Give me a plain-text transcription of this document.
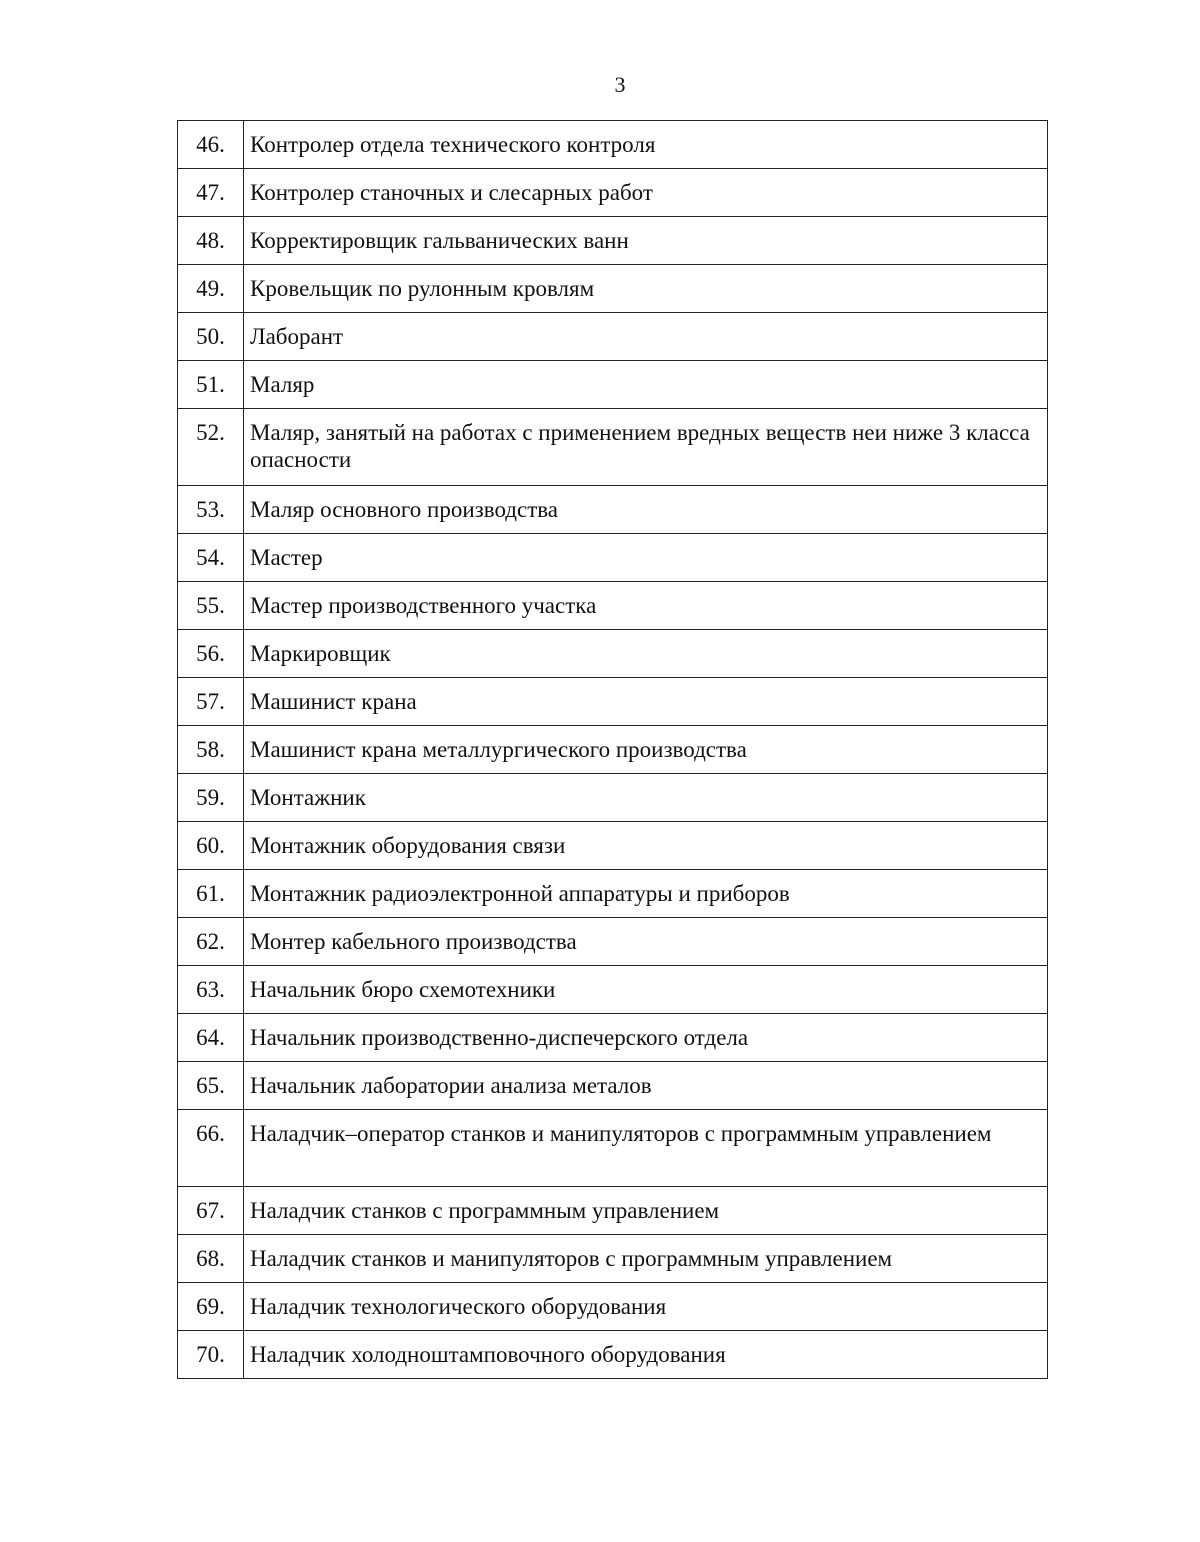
3
46.	Контролер отдела технического контроля
47.	Контролер станочных и слесарных работ
48.	Корректировщик гальванических ванн
49.	Кровельщик по рулонным кровлям
50.	Лаборант
51.	Маляр
52.	Маляр, занятый на работах с применением вредных веществ неи ниже 3 класса опасности
53.	Маляр основного производства
54.	Мастер
55.	Мастер производственного участка
56.	Маркировщик
57.	Машинист крана
58.	Машинист крана металлургического производства
59.	Монтажник
60.	Монтажник оборудования связи
61.	Монтажник радиоэлектронной аппаратуры и приборов
62.	Монтер кабельного производства
63.	Начальник бюро схемотехники
64.	Начальник производственно-диспечерского отдела
65.	Начальник лаборатории анализа металов
66.	Наладчик–оператор станков и манипуляторов с программным управлением
67.	Наладчик станков с программным управлением
68.	Наладчик станков и манипуляторов с программным управлением
69.	Наладчик технологического оборудования
70.	Наладчик холодноштамповочного оборудования
